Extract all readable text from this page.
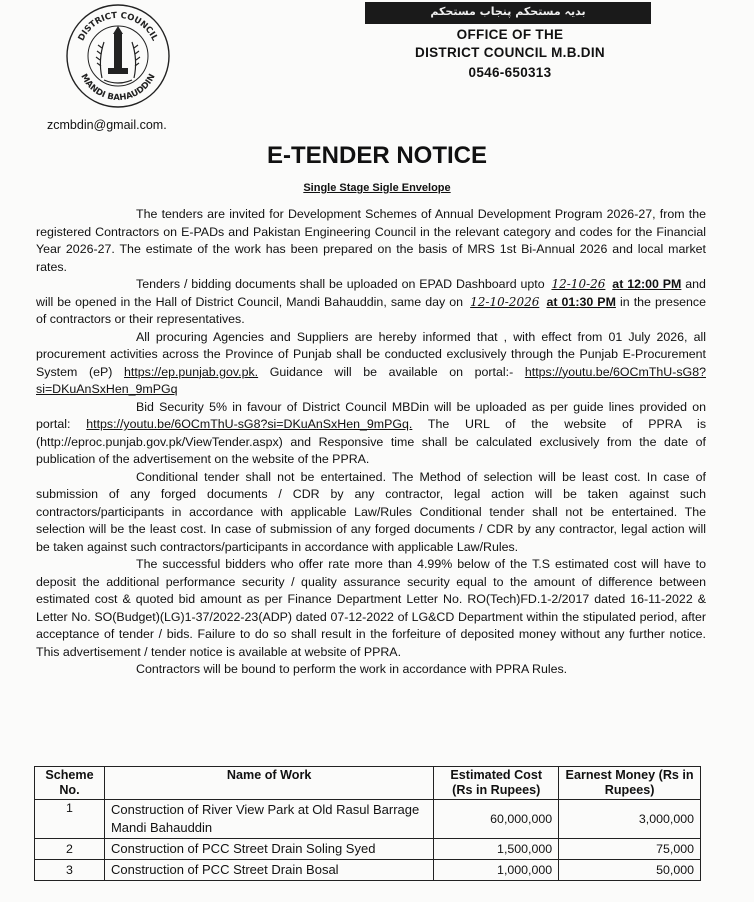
DISTRICT COUNCIL
MANDI BAHAUDDIN
بدیہ مستحکم پنجاب مستحکم
OFFICE OF THE
DISTRICT COUNCIL M.B.DIN
0546-650313
zcmbdin@gmail.com.
E-TENDER NOTICE
Single Stage Sigle Envelope

The tenders are invited for Development Schemes of Annual Development Program 2026-27, from the registered Contractors on E-PADs and Pakistan Engineering Council in the relevant category and codes for the Financial Year 2026-27. The estimate of the work has been prepared on the basis of MRS 1st Bi-Annual 2026 and local market rates.

Tenders / bidding documents shall be uploaded on EPAD Dashboard upto 12-10-26 at 12:00 PM and will be opened in the Hall of District Council, Mandi Bahauddin, same day on 12-10-2026 at 01:30 PM in the presence of contractors or their representatives.

All procuring Agencies and Suppliers are hereby informed that , with effect from 01 July 2026, all procurement activities across the Province of Punjab shall be conducted exclusively through the Punjab E-Procurement System (eP) https://ep.punjab.gov.pk. Guidance will be available on portal:- https://youtu.be/6OCmThU-sG8?si=DKuAnSxHen_9mPGq

Bid Security 5% in favour of District Council MBDin will be uploaded as per guide lines provided on portal: https://youtu.be/6OCmThU-sG8?si=DKuAnSxHen_9mPGq. The URL of the website of PPRA is (http://eproc.punjab.gov.pk/ViewTender.aspx) and Responsive time shall be calculated exclusively from the date of publication of the advertisement on the website of the PPRA.

Conditional tender shall not be entertained. The Method of selection will be least cost. In case of submission of any forged documents / CDR by any contractor, legal action will be taken against such contractors/participants in accordance with applicable Law/Rules Conditional tender shall not be entertained. The selection will be the least cost. In case of submission of any forged documents / CDR by any contractor, legal action will be taken against such contractors/participants in accordance with applicable Law/Rules.

The successful bidders who offer rate more than 4.99% below of the T.S estimated cost will have to deposit the additional performance security / quality assurance security equal to the amount of difference between estimated cost & quoted bid amount as per Finance Department Letter No. RO(Tech)FD.1-2/2017 dated 16-11-2022 & Letter No. SO(Budget)(LG)1-37/2022-23(ADP) dated 07-12-2022 of LG&CD Department within the stipulated period, after acceptance of tender / bids. Failure to do so shall result in the forfeiture of deposited money without any further notice. This advertisement / tender notice is available at website of PPRA.

Contractors will be bound to perform the work in accordance with PPRA Rules.

Scheme No.	Name of Work	Estimated Cost (Rs in Rupees)	Earnest Money (Rs in Rupees)
1	Construction of River View Park at Old Rasul Barrage Mandi Bahauddin	60,000,000	3,000,000
2	Construction of PCC Street Drain Soling Syed	1,500,000	75,000
3	Construction of PCC Street Drain Bosal	1,000,000	50,000
